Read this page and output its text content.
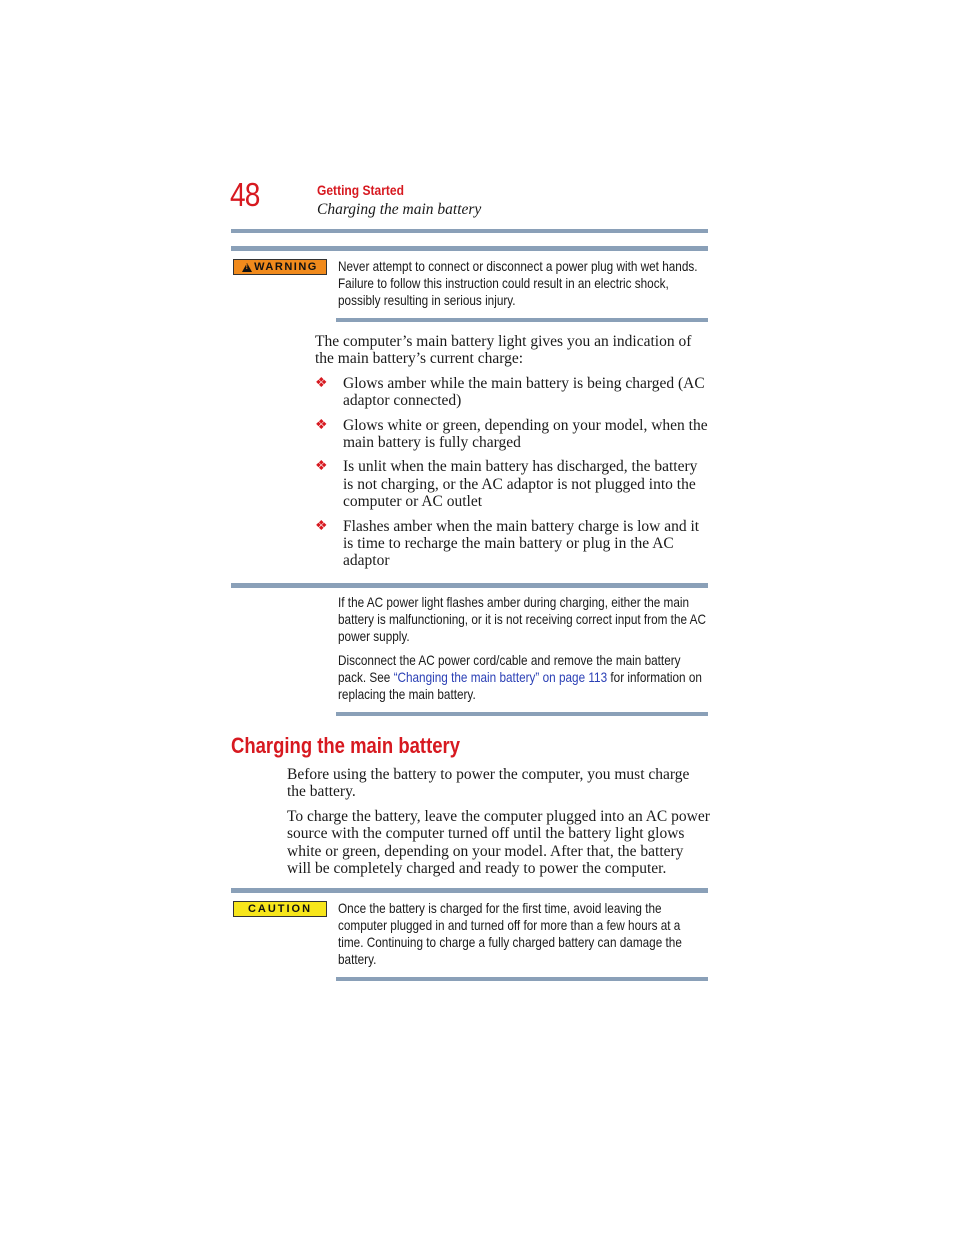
48	Getting Started
Charging the main battery
!
WARNING Never attempt to connect or disconnect a power plug with wet hands. Failure to follow this instruction could result in an electric shock, possibly resulting in serious injury.

The computer’s main battery light gives you an indication of the main battery’s current charge:

❖ Glows amber while the main battery is being charged (AC adaptor connected)
❖ Glows white or green, depending on your model, when the main battery is fully charged
❖ Is unlit when the main battery has discharged, the battery is not charging, or the AC adaptor is not plugged into the computer or AC outlet
❖ Flashes amber when the main battery charge is low and it is time to recharge the main battery or plug in the AC adaptor

If the AC power light flashes amber during charging, either the main battery is malfunctioning, or it is not receiving correct input from the AC power supply.

Disconnect the AC power cord/cable and remove the main battery pack. See “Changing the main battery” on page 113 for information on replacing the main battery.

Charging the main battery

Before using the battery to power the computer, you must charge the battery.

To charge the battery, leave the computer plugged into an AC power source with the computer turned off until the battery light glows white or green, depending on your model. After that, the battery will be completely charged and ready to power the computer.

CAUTION Once the battery is charged for the first time, avoid leaving the computer plugged in and turned off for more than a few hours at a time. Continuing to charge a fully charged battery can damage the battery.
